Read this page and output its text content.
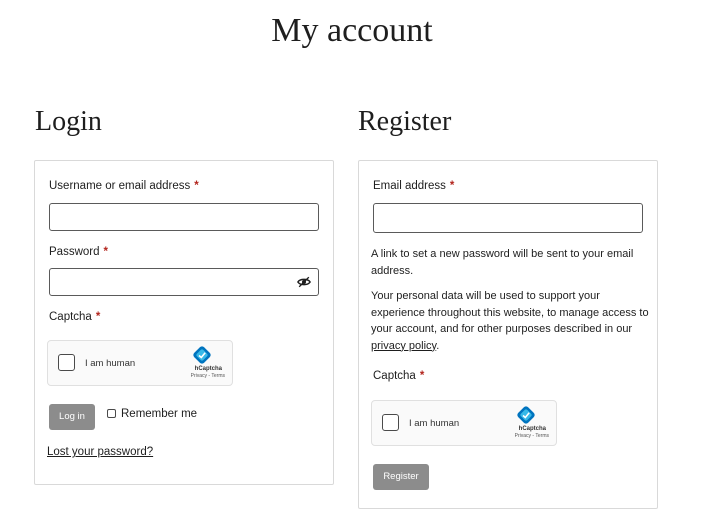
My account
Login
Username or email address *
Password *
Captcha *
I am human	hCaptcha
Privacy - Terms
Log in	Remember me
Lost your password?
Register
Email address *
A link to set a new password will be sent to your email address.
Your personal data will be used to support your experience throughout this website, to manage access to your account, and for other purposes described in our privacy policy.
Captcha *
I am human	hCaptcha
Privacy - Terms
Register
